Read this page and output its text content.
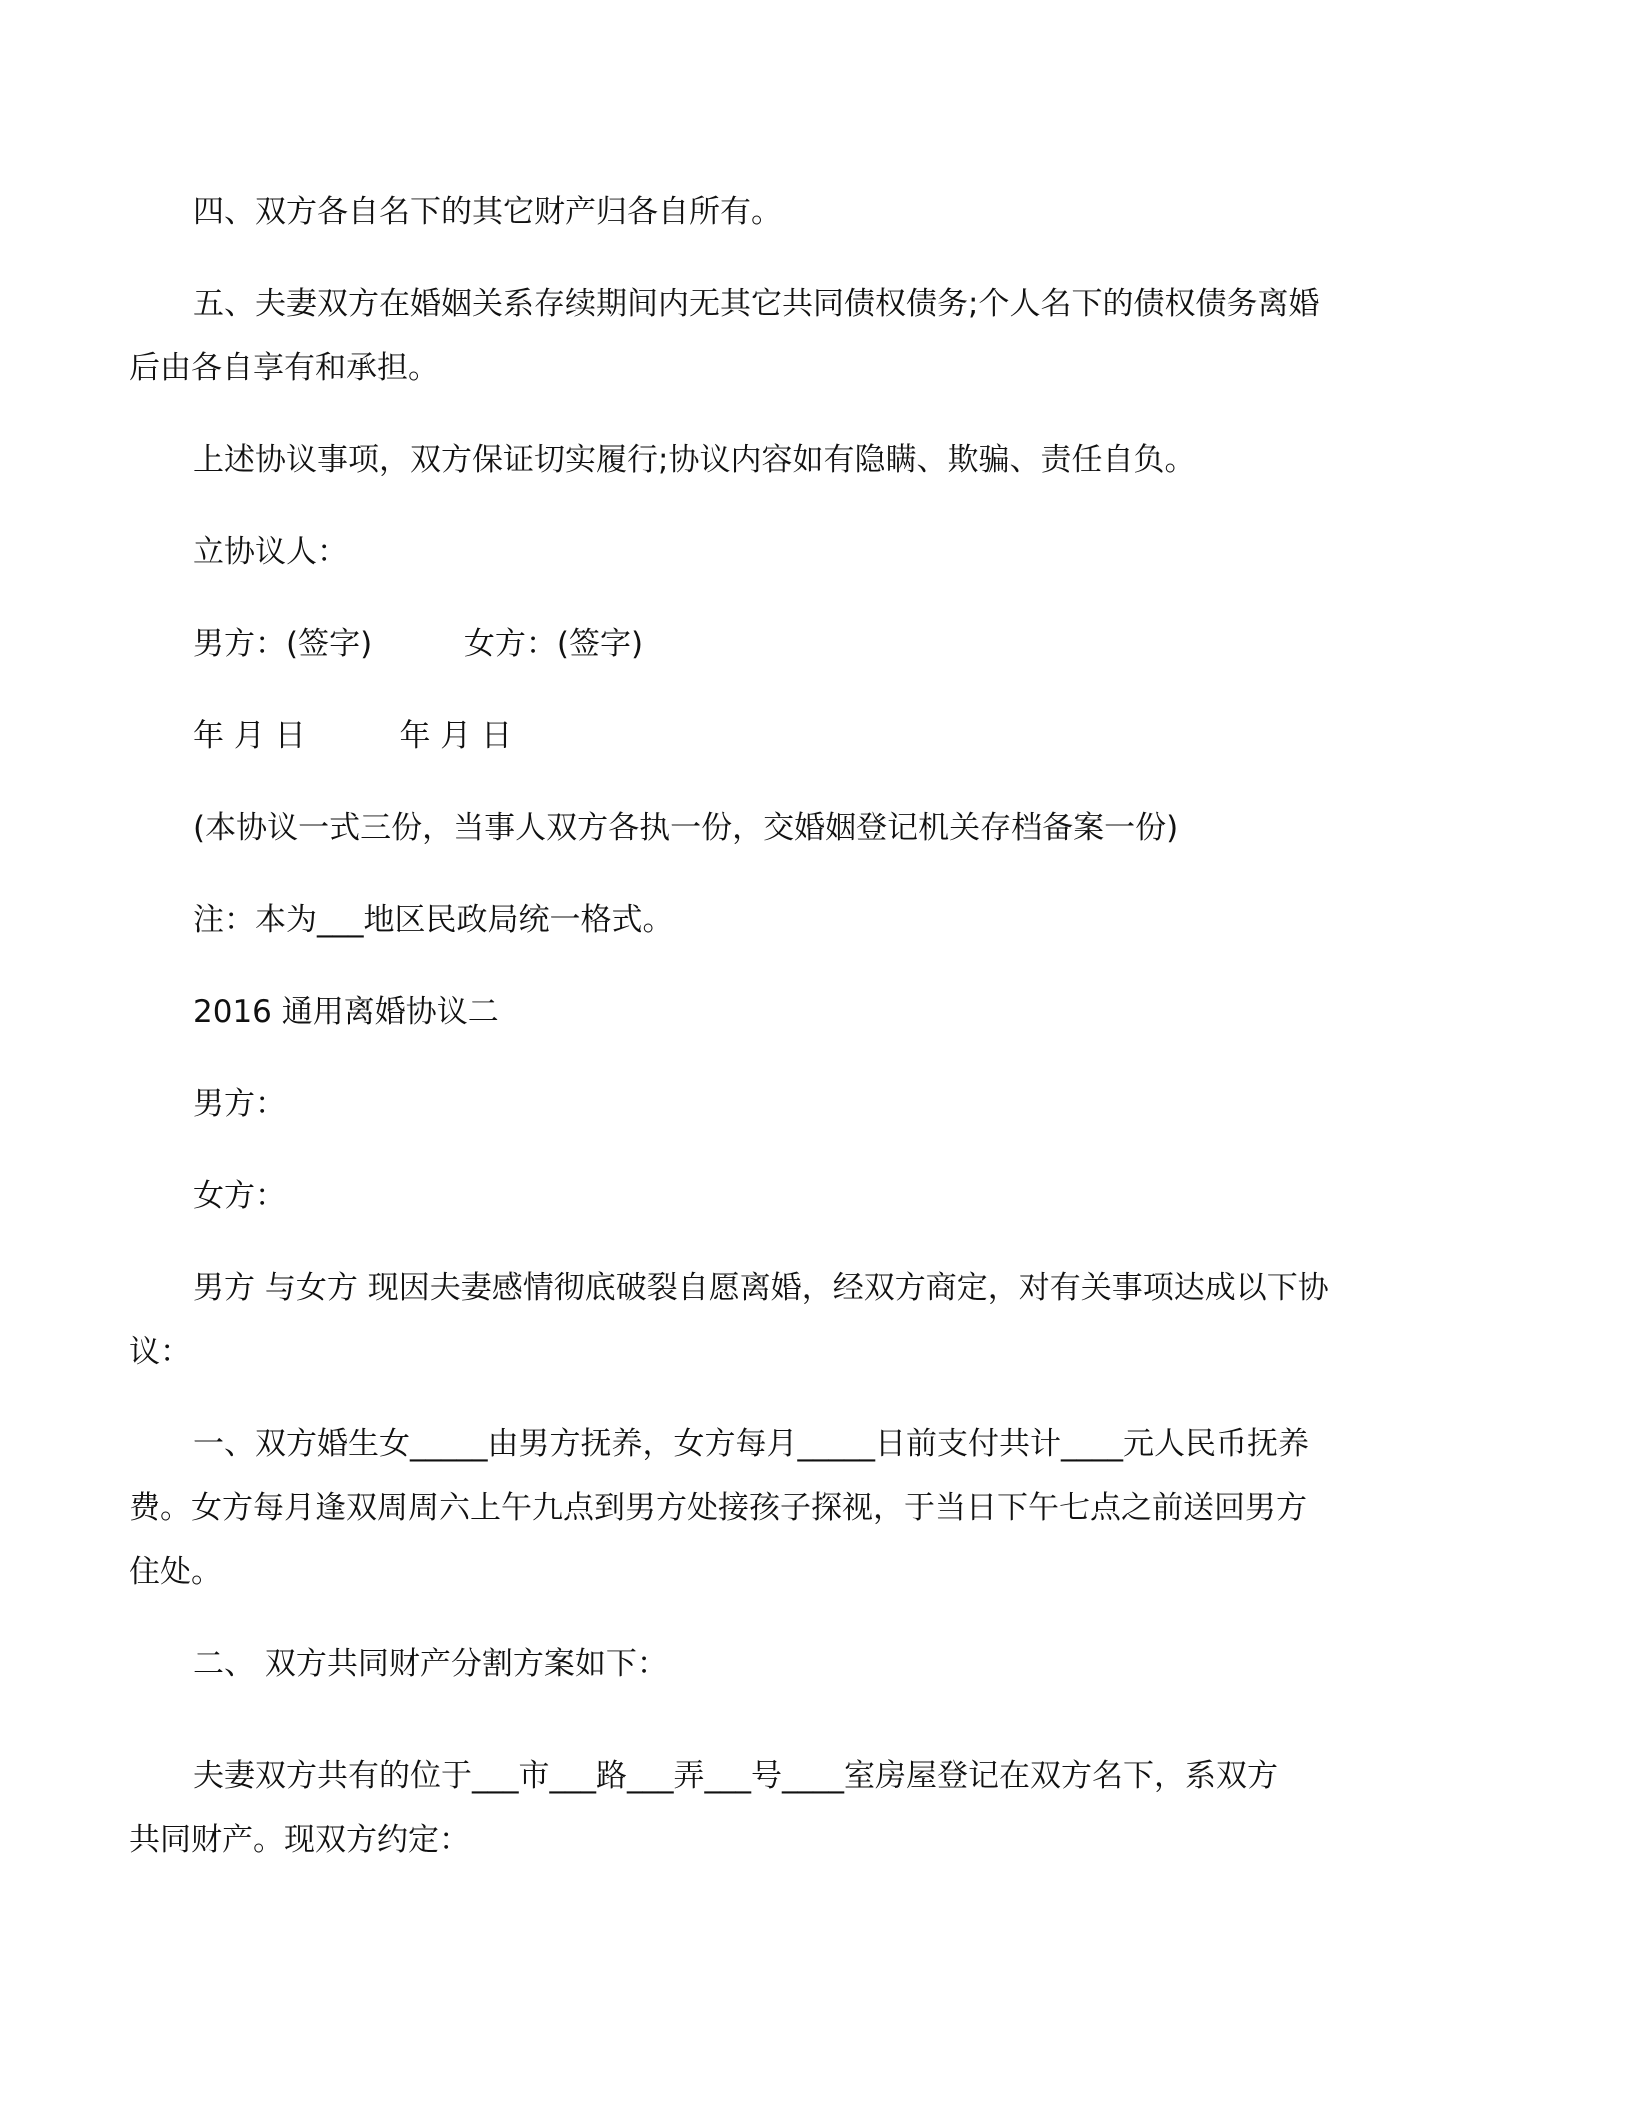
四、双方各自名下的其它财产归各自所有。
五、夫妻双方在婚姻关系存续期间内无其它共同债权债务;个人名下的债权债务离婚
后由各自享有和承担。
上述协议事项，双方保证切实履行;协议内容如有隐瞒、欺骗、责任自负。
立协议人：
男方：(签字)	女方：(签字)
年 月 日	年 月 日
(本协议一式三份，当事人双方各执一份，交婚姻登记机关存档备案一份)
注：本为___地区民政局统一格式。
2016 通用离婚协议二
男方：
女方：
男方 与女方 现因夫妻感情彻底破裂自愿离婚，经双方商定，对有关事项达成以下协
议：
一、双方婚生女_____由男方抚养，女方每月_____日前支付共计____元人民币抚养
费。女方每月逢双周周六上午九点到男方处接孩子探视，于当日下午七点之前送回男方
住处。
二、 双方共同财产分割方案如下：
夫妻双方共有的位于___市___路___弄___号____室房屋登记在双方名下，系双方
共同财产。现双方约定：
